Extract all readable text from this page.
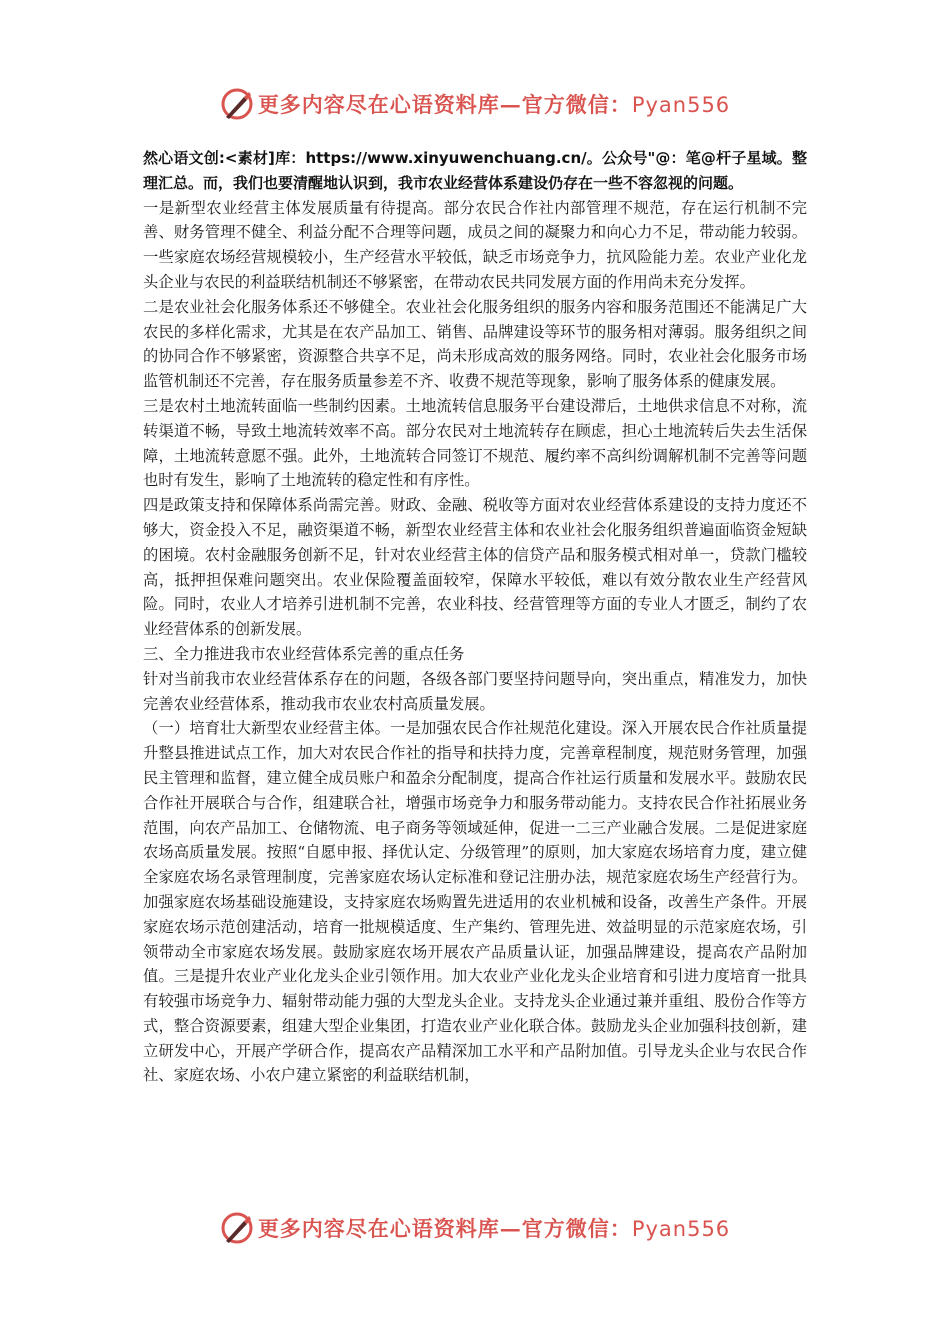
更多内容尽在心语资料库—官方微信：Pyan556

然心语文创:<素材]库：https://www.xinyuwenchuang.cn/。公众号"@：笔@杆子星域。整理汇总。而，我们也要清醒地认识到，我市农业经营体系建设仍存在一些不容忽视的问题。

一是新型农业经营主体发展质量有待提高。部分农民合作社内部管理不规范，存在运行机制不完善、财务管理不健全、利益分配不合理等问题，成员之间的凝聚力和向心力不足，带动能力较弱。一些家庭农场经营规模较小，生产经营水平较低，缺乏市场竞争力，抗风险能力差。农业产业化龙头企业与农民的利益联结机制还不够紧密，在带动农民共同发展方面的作用尚未充分发挥。

二是农业社会化服务体系还不够健全。农业社会化服务组织的服务内容和服务范围还不能满足广大农民的多样化需求，尤其是在农产品加工、销售、品牌建设等环节的服务相对薄弱。服务组织之间的协同合作不够紧密，资源整合共享不足，尚未形成高效的服务网络。同时，农业社会化服务市场监管机制还不完善，存在服务质量参差不齐、收费不规范等现象，影响了服务体系的健康发展。

三是农村土地流转面临一些制约因素。土地流转信息服务平台建设滞后，土地供求信息不对称，流转渠道不畅，导致土地流转效率不高。部分农民对土地流转存在顾虑，担心土地流转后失去生活保障，土地流转意愿不强。此外，土地流转合同签订不规范、履约率不高纠纷调解机制不完善等问题也时有发生，影响了土地流转的稳定性和有序性。

四是政策支持和保障体系尚需完善。财政、金融、税收等方面对农业经营体系建设的支持力度还不够大，资金投入不足，融资渠道不畅，新型农业经营主体和农业社会化服务组织普遍面临资金短缺的困境。农村金融服务创新不足，针对农业经营主体的信贷产品和服务模式相对单一，贷款门槛较高，抵押担保难问题突出。农业保险覆盖面较窄，保障水平较低，难以有效分散农业生产经营风险。同时，农业人才培养引进机制不完善，农业科技、经营管理等方面的专业人才匮乏，制约了农业经营体系的创新发展。

三、全力推进我市农业经营体系完善的重点任务

针对当前我市农业经营体系存在的问题，各级各部门要坚持问题导向，突出重点，精准发力，加快完善农业经营体系，推动我市农业农村高质量发展。

（一）培育壮大新型农业经营主体。一是加强农民合作社规范化建设。深入开展农民合作社质量提升整县推进试点工作，加大对农民合作社的指导和扶持力度，完善章程制度，规范财务管理，加强民主管理和监督，建立健全成员账户和盈余分配制度，提高合作社运行质量和发展水平。鼓励农民合作社开展联合与合作，组建联合社，增强市场竞争力和服务带动能力。支持农民合作社拓展业务范围，向农产品加工、仓储物流、电子商务等领域延伸，促进一二三产业融合发展。二是促进家庭农场高质量发展。按照“自愿申报、择优认定、分级管理”的原则，加大家庭农场培育力度，建立健全家庭农场名录管理制度，完善家庭农场认定标准和登记注册办法，规范家庭农场生产经营行为。加强家庭农场基础设施建设，支持家庭农场购置先进适用的农业机械和设备，改善生产条件。开展家庭农场示范创建活动，培育一批规模适度、生产集约、管理先进、效益明显的示范家庭农场，引领带动全市家庭农场发展。鼓励家庭农场开展农产品质量认证，加强品牌建设，提高农产品附加值。三是提升农业产业化龙头企业引领作用。加大农业产业化龙头企业培育和引进力度培育一批具有较强市场竞争力、辐射带动能力强的大型龙头企业。支持龙头企业通过兼并重组、股份合作等方式，整合资源要素，组建大型企业集团，打造农业产业化联合体。鼓励龙头企业加强科技创新，建立研发中心，开展产学研合作，提高农产品精深加工水平和产品附加值。引导龙头企业与农民合作社、家庭农场、小农户建立紧密的利益联结机制，

更多内容尽在心语资料库—官方微信：Pyan556
